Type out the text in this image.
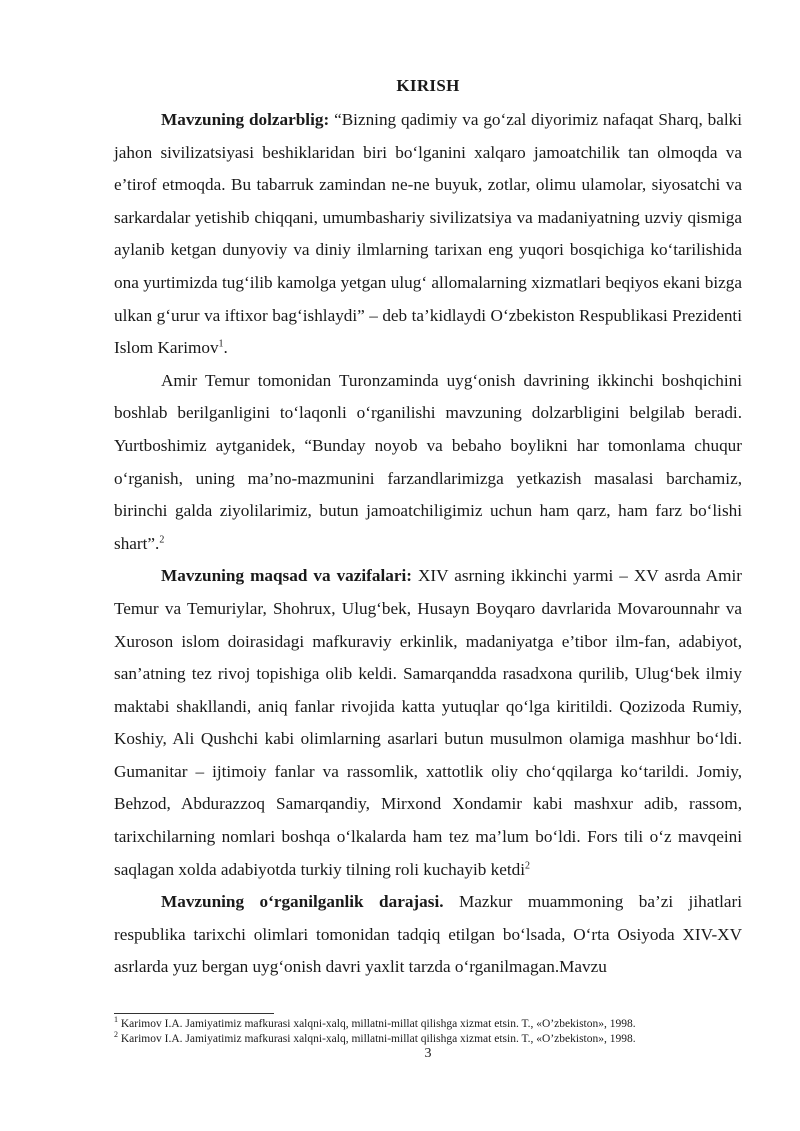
KIRISH

Mavzuning dolzarblig: “Bizning qadimiy va go‘zal diyorimiz nafaqat Sharq, balki jahon sivilizatsiyasi beshiklaridan biri bo‘lganini xalqaro jamoatchilik tan olmoqda va e’tirof etmoqda. Bu tabarruk zamindan ne-ne buyuk, zotlar, olimu ulamolar, siyosatchi va sarkardalar yetishib chiqqani, umumbashariy sivilizatsiya va madaniyatning uzviy qismiga aylanib ketgan dunyoviy va diniy ilmlarning tarixan eng yuqori bosqichiga ko‘tarilishida ona yurtimizda tug‘ilib kamolga yetgan ulug‘ allomalarning xizmatlari beqiyos ekani bizga ulkan g‘urur va iftixor bag‘ishlaydi” – deb ta’kidlaydi O‘zbekiston Respublikasi Prezidenti Islom Karimov$^1$.

Amir Temur tomonidan Turonzaminda uyg‘onish davrining ikkinchi boshqichini boshlab berilganligini to‘laqonli o‘rganilishi mavzuning dolzarbligini belgilab beradi. Yurtboshimiz aytganidek, “Bunday noyob va bebaho boylikni har tomonlama chuqur o‘rganish, uning ma’no-mazmunini farzandlarimizga yetkazish masalasi barchamiz, birinchi galda ziyolilarimiz, butun jamoatchiligimiz uchun ham qarz, ham farz bo‘lishi shart”.$^2$

Mavzuning maqsad va vazifalari: XIV asrning ikkinchi yarmi – XV asrda Amir Temur va Temuriylar, Shohrux, Ulug‘bek, Husayn Boyqaro davrlarida Movarounnahr va Xuroson islom doirasidagi mafkuraviy erkinlik, madaniyatga e’tibor ilm-fan, adabiyot, san’atning tez rivoj topishiga olib keldi. Samarqandda rasadxona qurilib, Ulug‘bek ilmiy maktabi shakllandi, aniq fanlar rivojida katta yutuqlar qo‘lga kiritildi. Qozizoda Rumiy, Koshiy, Ali Qushchi kabi olimlarning asarlari butun musulmon olamiga mashhur bo‘ldi. Gumanitar – ijtimoiy fanlar va rassomlik, xattotlik oliy cho‘qqilarga ko‘tarildi. Jomiy, Behzod, Abdurazzoq Samarqandiy, Mirxond Xondamir kabi mashxur adib, rassom, tarixchilarning nomlari boshqa o‘lkalarda ham tez ma’lum bo‘ldi. Fors tili o‘z mavqeini saqlagan xolda adabiyotda turkiy tilning roli kuchayib ketdi$^2$

Mavzuning o‘rganilganlik darajasi. Mazkur muammoning ba’zi jihatlari respublika tarixchi olimlari tomonidan tadqiq etilgan bo‘lsada, O‘rta Osiyoda XIV-XV asrlarda yuz bergan uyg‘onish davri yaxlit tarzda o‘rganilmagan.Mavzu

$^1$ Karimov I.A. Jamiyatimiz mafkurasi xalqni-xalq, millatni-millat qilishga xizmat etsin. T., «O’zbekiston», 1998.

$^2$ Karimov I.A. Jamiyatimiz mafkurasi xalqni-xalq, millatni-millat qilishga xizmat etsin. T., «O’zbekiston», 1998.

3
